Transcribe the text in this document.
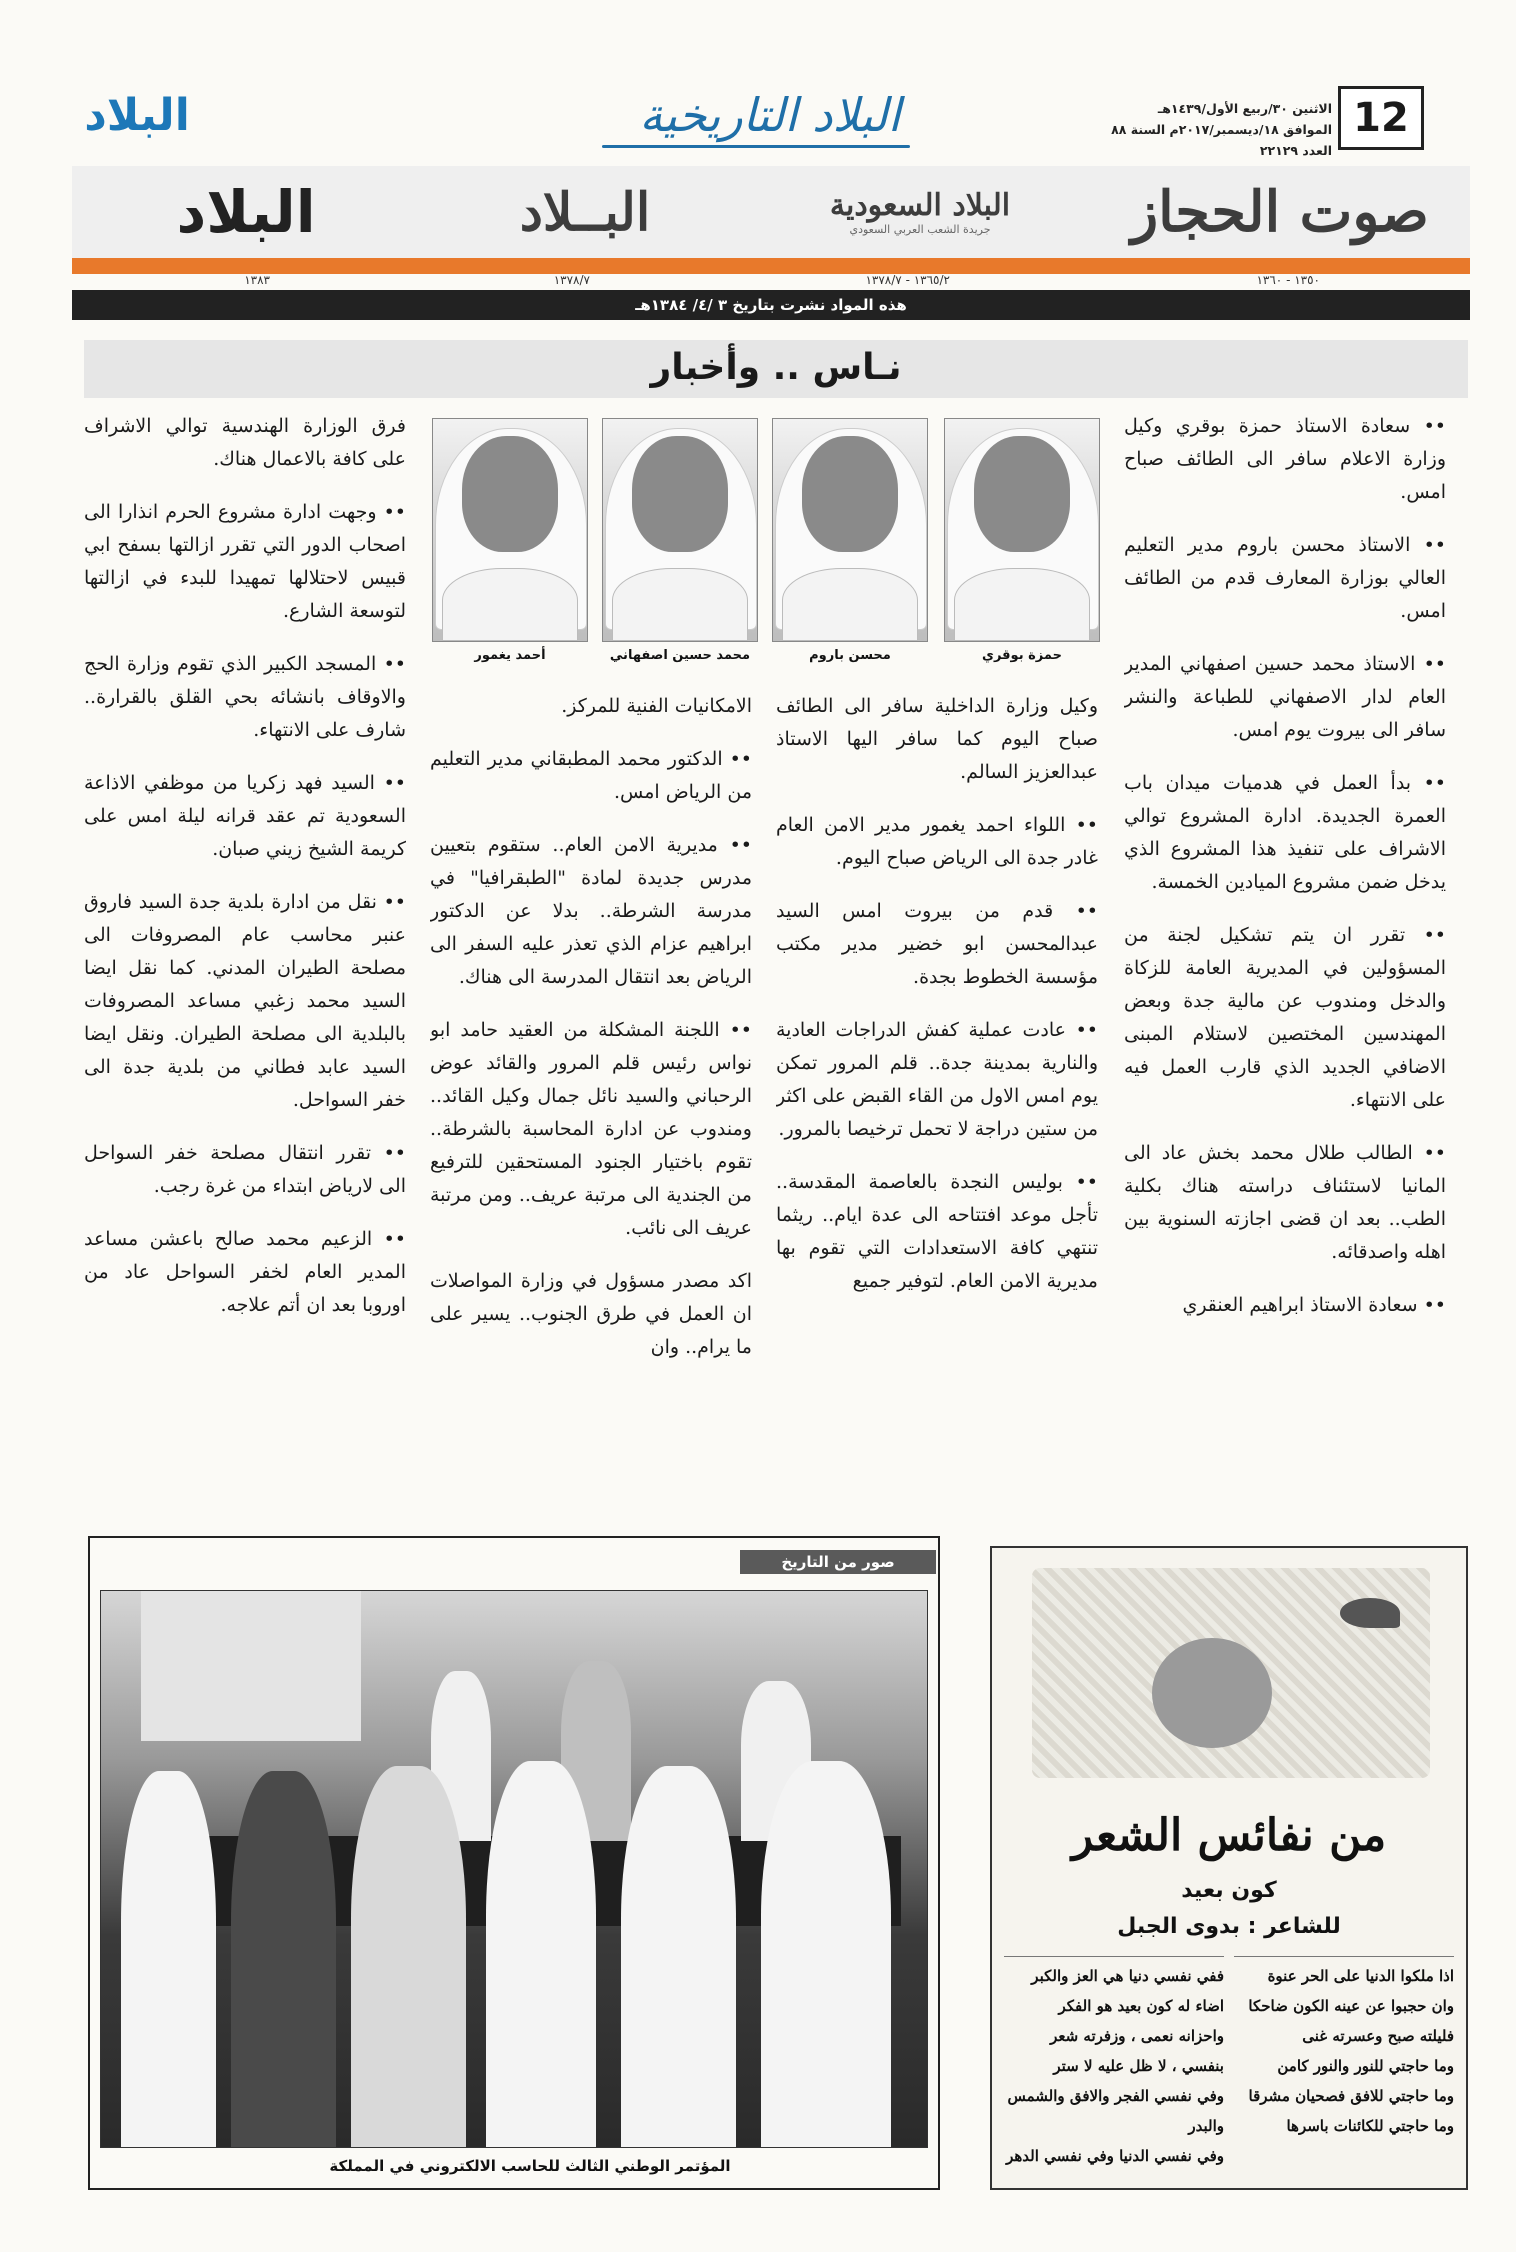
12
الاثنين ٣٠/ربيع الأول/١٤٣٩هـ
الموافق ١٨/ديسمبر/٢٠١٧م السنة ٨٨ العدد ٢٢١٢٩
البلاد التاريخية
البلاد
صوت الحجاز
البلاد السعودية
جريدة الشعب العربي السعودي
البــلاد
البلاد
١٣٥٠ - ١٣٦٠
١٣٦٥/٢ - ١٣٧٨/٧
١٣٧٨/٧
١٣٨٣
هذه المواد نشرت بتاريخ ٣ /٤/ ١٣٨٤هـ
نـاس .. وأخبار
حمزة بوقري
محسن باروم
محمد حسين اصفهاني
أحمد يغمور

•• سعادة الاستاذ حمزة بوقري وكيل وزارة الاعلام سافر الى الطائف صباح امس.

•• الاستاذ محسن باروم مدير التعليم العالي بوزارة المعارف قدم من الطائف امس.

•• الاستاذ محمد حسين اصفهاني المدير العام لدار الاصفهاني للطباعة والنشر سافر الى بيروت يوم امس.

•• بدأ العمل في هدميات ميدان باب العمرة الجديدة. ادارة المشروع توالي الاشراف على تنفيذ هذا المشروع الذي يدخل ضمن مشروع الميادين الخمسة.

•• تقرر ان يتم تشكيل لجنة من المسؤولين في المديرية العامة للزكاة والدخل ومندوب عن مالية جدة وبعض المهندسين المختصين لاستلام المبنى الاضافي الجديد الذي قارب العمل فيه على الانتهاء.

•• الطالب طلال محمد بخش عاد الى المانيا لاستئناف دراسته هناك بكلية الطب.. بعد ان قضى اجازته السنوية بين اهله واصدقائه.

•• سعادة الاستاذ ابراهيم العنقري

وكيل وزارة الداخلية سافر الى الطائف صباح اليوم كما سافر اليها الاستاذ عبدالعزيز السالم.

•• اللواء احمد يغمور مدير الامن العام غادر جدة الى الرياض صباح اليوم.

•• قدم من بيروت امس السيد عبدالمحسن ابو خضير مدير مكتب مؤسسة الخطوط بجدة.

•• عادت عملية كفش الدراجات العادية والنارية بمدينة جدة.. قلم المرور تمكن يوم امس الاول من القاء القبض على اكثر من ستين دراجة لا تحمل ترخيصا بالمرور.

•• بوليس النجدة بالعاصمة المقدسة.. تأجل موعد افتتاحه الى عدة ايام.. ريثما تنتهي كافة الاستعدادات التي تقوم بها مديرية الامن العام. لتوفير جميع

الامكانيات الفنية للمركز.

•• الدكتور محمد المطبقاني مدير التعليم من الرياض امس.

•• مديرية الامن العام.. ستقوم بتعيين مدرس جديدة لمادة "الطبقرافيا" في مدرسة الشرطة.. بدلا عن الدكتور ابراهيم عزام الذي تعذر عليه السفر الى الرياض بعد انتقال المدرسة الى هناك.

•• اللجنة المشكلة من العقيد حامد ابو نواس رئيس قلم المرور والقائد عوض الرحباني والسيد نائل جمال وكيل القائد.. ومندوب عن ادارة المحاسبة بالشرطة.. تقوم باختيار الجنود المستحقين للترفيع من الجندية الى مرتبة عريف.. ومن مرتبة عريف الى نائب.

اكد مصدر مسؤول في وزارة المواصلات ان العمل في طرق الجنوب.. يسير على ما يرام.. وان

فرق الوزارة الهندسية توالي الاشراف على كافة بالاعمال هناك.

•• وجهت ادارة مشروع الحرم انذارا الى اصحاب الدور التي تقرر ازالتها بسفح ابي قبيس لاحتلالها تمهيدا للبدء في ازالتها لتوسعة الشارع.

•• المسجد الكبير الذي تقوم وزارة الحج والاوقاف بانشائه بحي القلق بالقرارة.. شارف على الانتهاء.

•• السيد فهد زكريا من موظفي الاذاعة السعودية تم عقد قرانه ليلة امس على كريمة الشيخ زيني صبان.

•• نقل من ادارة بلدية جدة السيد فاروق عنبر محاسب عام المصروفات الى مصلحة الطيران المدني. كما نقل ايضا السيد محمد زغبي مساعد المصروفات بالبلدية الى مصلحة الطيران. ونقل ايضا السيد عابد فطاني من بلدية جدة الى خفر السواحل.

•• تقرر انتقال مصلحة خفر السواحل الى لارياض ابتداء من غرة رجب.

•• الزعيم محمد صالح باعشن مساعد المدير العام لخفر السواحل عاد من اوروبا بعد ان أتم علاجه.

صور من التاريخ
المؤتمر الوطني الثالث للحاسب الالكتروني في المملكة
من نفائس الشعر
كون بعيد
للشاعر : بدوى الجبل
اذا ملكوا الدنيا على الحر عنوة
وان حجبوا عن عينه الكون ضاحكا
فليلته صبح وعسرته غنى
وما حاجتي للنور والنور كامن
وما حاجتي للافق فصحيان مشرقا
وما حاجتي للكائنات باسرها
ففي نفسي دنيا هي العز والكبر
اضاء له كون بعيد هو الفكر
واحزانه نعمى ، وزفرته شعر
بنفسي ، لا ظل عليه لا ستر
وفي نفسي الفجر والافق والشمس والبدر
وفي نفسي الدنيا وفي نفسي الدهر
